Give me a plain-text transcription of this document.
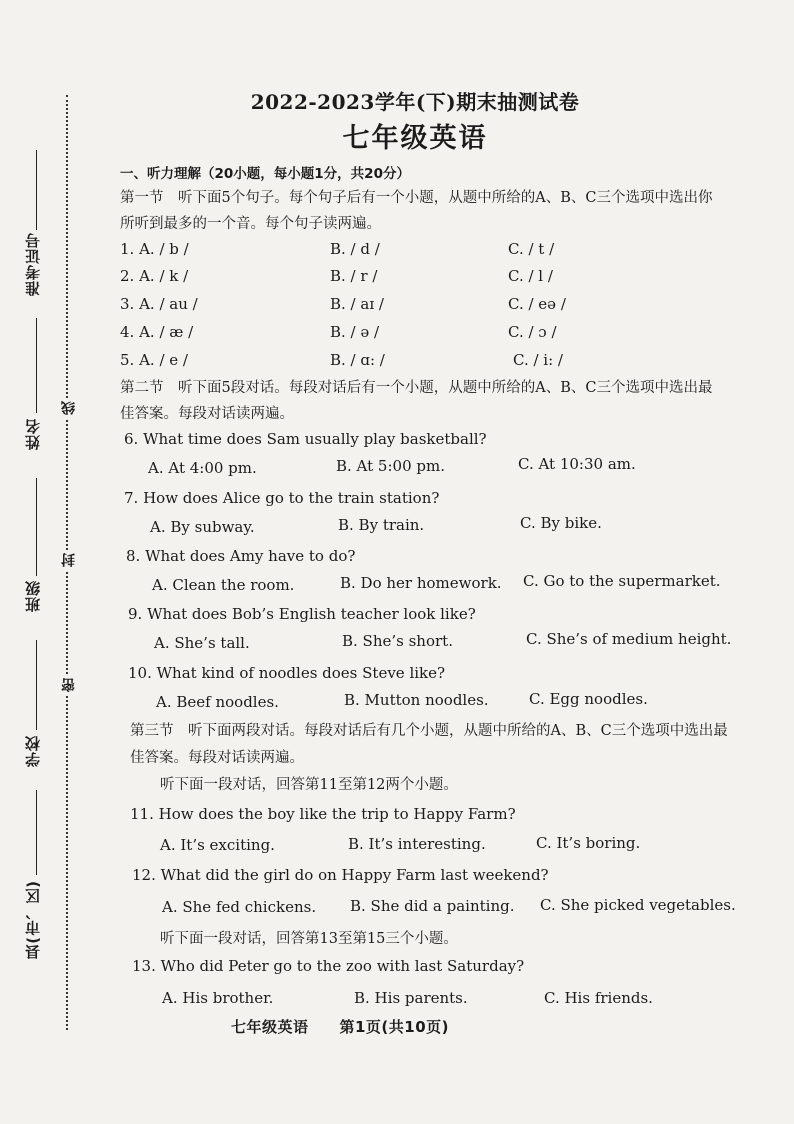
准考证号
姓名
班级
学校
县(市、区)
线
封
密
2022-2023学年(下)期末抽测试卷
七年级英语
一、听力理解（20小题，每小题1分，共20分）
第一节　听下面5个句子。每个句子后有一个小题，从题中所给的A、B、C三个选项中选出你
所听到最多的一个音。每个句子读两遍。
1. A. / b /	B. / d /	C. / t /
2. A. / k /	B. / r /	C. / l /
3. A. / au /	B. / aɪ /	C. / eə /
4. A. / æ /	B. / ə /	C. / ɔ /
5. A. / e /	B. / ɑ: /	C. / i: /
第二节　听下面5段对话。每段对话后有一个小题，从题中所给的A、B、C三个选项中选出最
佳答案。每段对话读两遍。
6. What time does Sam usually play basketball?
A. At 4:00 pm.	B. At 5:00 pm.	C. At 10:30 am.
7. How does Alice go to the train station?
A. By subway.	B. By train.	C. By bike.
8. What does Amy have to do?
A. Clean the room.	B. Do her homework. C. Go to the supermarket.
9. What does Bob’s English teacher look like?
A. She’s tall.	B. She’s short.	C. She’s of medium height.
10. What kind of noodles does Steve like?
A. Beef noodles.	B. Mutton noodles.	C. Egg noodles.
第三节　听下面两段对话。每段对话后有几个小题，从题中所给的A、B、C三个选项中选出最
佳答案。每段对话读两遍。
听下面一段对话，回答第11至第12两个小题。
11. How does the boy like the trip to Happy Farm?
A. It’s exciting.	B. It’s interesting.	C. It’s boring.
12. What did the girl do on Happy Farm last weekend?
A. She fed chickens. B. She did a painting. C. She picked vegetables.
听下面一段对话，回答第13至第15三个小题。
13. Who did Peter go to the zoo with last Saturday?
A. His brother.	B. His parents.	C. His friends.
七年级英语　　第1页(共10页)
